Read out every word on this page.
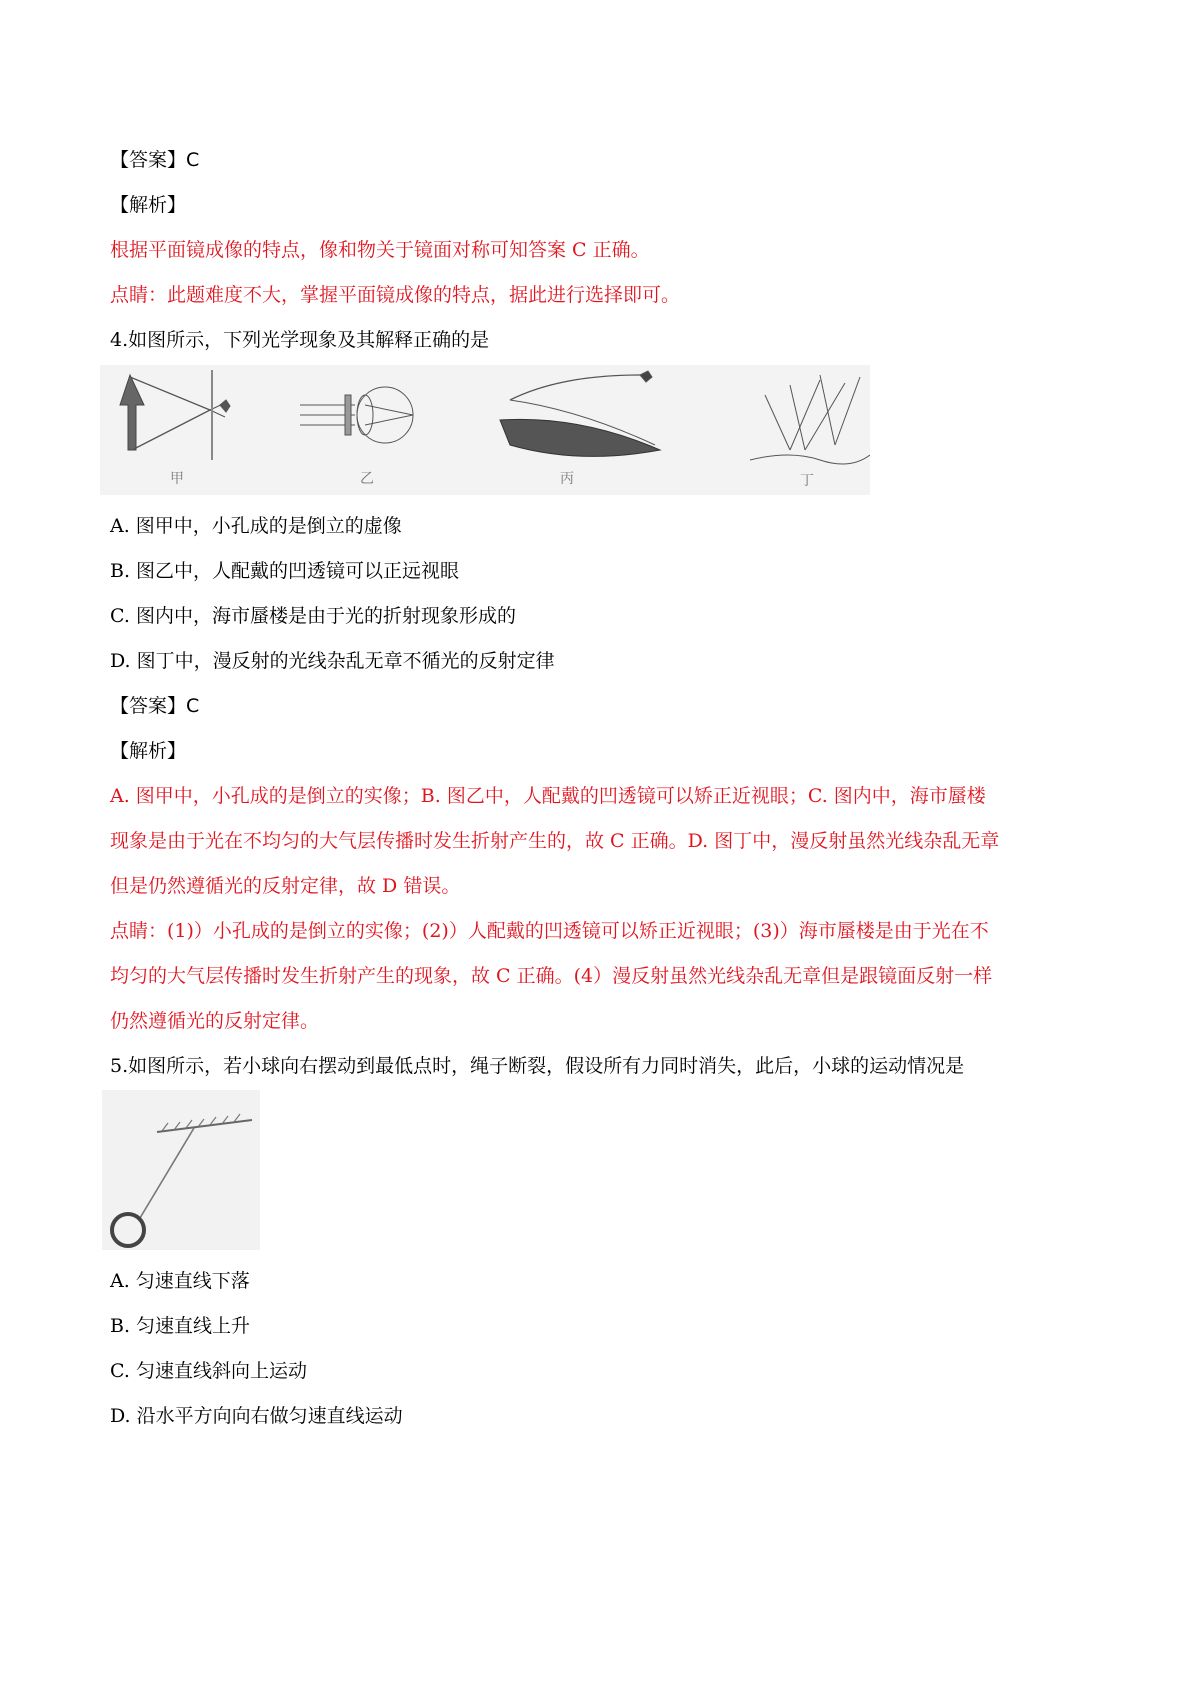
【答案】C
【解析】
根据平面镜成像的特点，像和物关于镜面对称可知答案 C 正确。
点睛：此题难度不大，掌握平面镜成像的特点，据此进行选择即可。
4.如图所示，下列光学现象及其解释正确的是
甲	乙	丙	丁
A. 图甲中，小孔成的是倒立的虚像
B. 图乙中，人配戴的凹透镜可以正远视眼
C. 图内中，海市蜃楼是由于光的折射现象形成的
D. 图丁中，漫反射的光线杂乱无章不循光的反射定律
【答案】C
【解析】
A. 图甲中，小孔成的是倒立的实像；B. 图乙中，人配戴的凹透镜可以矫正近视眼；C. 图内中，海市蜃楼
现象是由于光在不均匀的大气层传播时发生折射产生的，故 C 正确。D. 图丁中，漫反射虽然光线杂乱无章
但是仍然遵循光的反射定律，故 D 错误。
点睛：(1)）小孔成的是倒立的实像；(2)）人配戴的凹透镜可以矫正近视眼；(3)）海市蜃楼是由于光在不
均匀的大气层传播时发生折射产生的现象，故 C 正确。(4）漫反射虽然光线杂乱无章但是跟镜面反射一样
仍然遵循光的反射定律。
5.如图所示，若小球向右摆动到最低点时，绳子断裂，假设所有力同时消失，此后，小球的运动情况是
A. 匀速直线下落
B. 匀速直线上升
C. 匀速直线斜向上运动
D. 沿水平方向向右做匀速直线运动
